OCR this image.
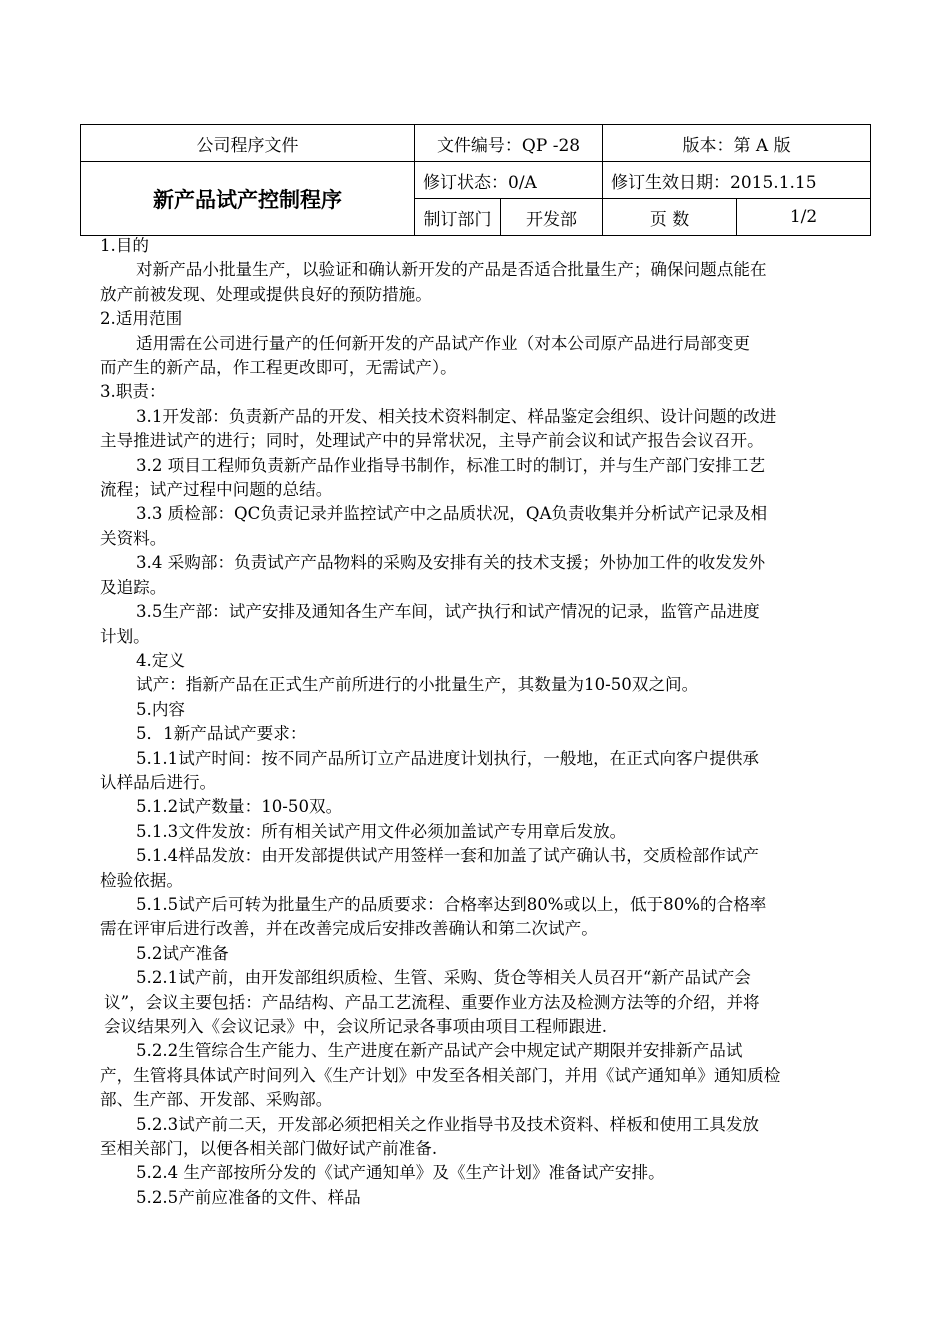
公司程序文件	文件编号：QP -28		版本：第 A 版	
新产品试产控制程序	修订状态：0/A		修订生效日期：2015.1.15	
	制订部门	开发部	页 数	1/2
1.目的
对新产品小批量生产，以验证和确认新开发的产品是否适合批量生产；确保问题点能在
放产前被发现、处理或提供良好的预防措施。
2.适用范围
适用需在公司进行量产的任何新开发的产品试产作业（对本公司原产品进行局部变更
而产生的新产品，作工程更改即可，无需试产）。
3.职责：
3.1开发部：负责新产品的开发、相关技术资料制定、样品鉴定会组织、设计问题的改进
主导推进试产的进行；同时，处理试产中的异常状况，主导产前会议和试产报告会议召开。
3.2 项目工程师负责新产品作业指导书制作，标准工时的制订，并与生产部门安排工艺
流程；试产过程中问题的总结。
3.3 质检部：QC负责记录并监控试产中之品质状况，QA负责收集并分析试产记录及相
关资料。
3.4 采购部：负责试产产品物料的采购及安排有关的技术支援；外协加工件的收发发外
及追踪。
3.5生产部：试产安排及通知各生产车间，试产执行和试产情况的记录，监管产品进度
计划。
4.定义
试产：指新产品在正式生产前所进行的小批量生产，其数量为10-50双之间。
5.内容
5．1新产品试产要求：
5.1.1试产时间：按不同产品所订立产品进度计划执行，一般地，在正式向客户提供承
认样品后进行。
5.1.2试产数量：10-50双。
5.1.3文件发放：所有相关试产用文件必须加盖试产专用章后发放。
5.1.4样品发放：由开发部提供试产用签样一套和加盖了试产确认书，交质检部作试产
检验依据。
5.1.5试产后可转为批量生产的品质要求：合格率达到80%或以上，低于80%的合格率
需在评审后进行改善，并在改善完成后安排改善确认和第二次试产。
5.2试产准备
5.2.1试产前，由开发部组织质检、生管、采购、货仓等相关人员召开“新产品试产会
议”，会议主要包括：产品结构、产品工艺流程、重要作业方法及检测方法等的介绍，并将
会议结果列入《会议记录》中，会议所记录各事项由项目工程师跟进.
5.2.2生管综合生产能力、生产进度在新产品试产会中规定试产期限并安排新产品试
产，生管将具体试产时间列入《生产计划》中发至各相关部门，并用《试产通知单》通知质检
部、生产部、开发部、采购部。
5.2.3试产前二天，开发部必须把相关之作业指导书及技术资料、样板和使用工具发放
至相关部门，以便各相关部门做好试产前准备.
5.2.4 生产部按所分发的《试产通知单》及《生产计划》准备试产安排。
5.2.5产前应准备的文件、样品
